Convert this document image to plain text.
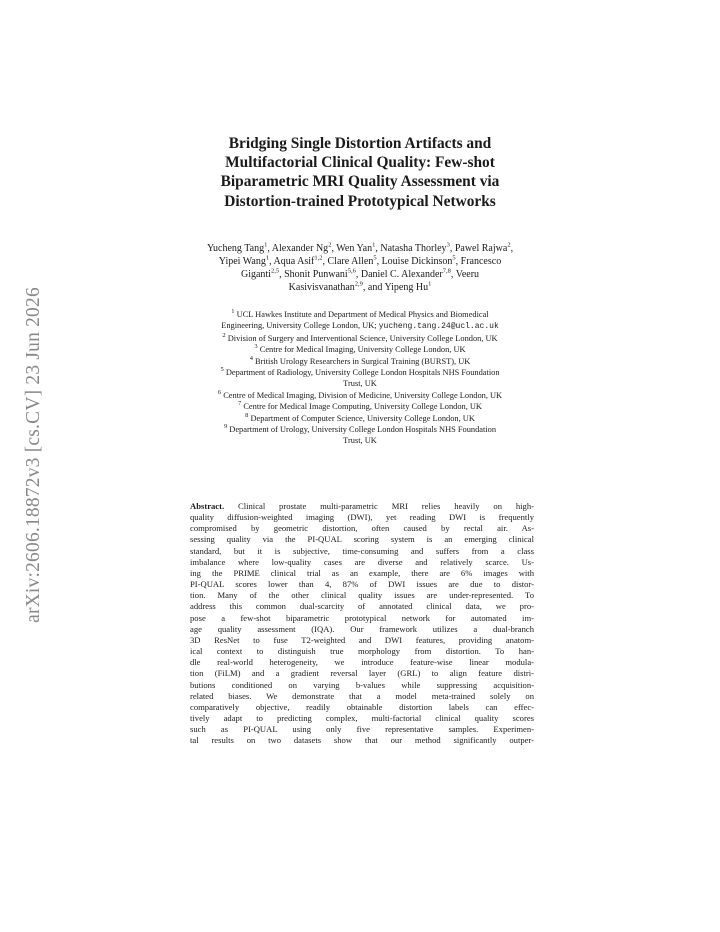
arXiv:2606.18872v3 [cs.CV] 23 Jun 2026
Bridging Single Distortion Artifacts and
Multifactorial Clinical Quality: Few-shot
Biparametric MRI Quality Assessment via
Distortion-trained Prototypical Networks
Yucheng Tang$^1$, Alexander Ng$^2$, Wen Yan$^1$, Natasha Thorley$^3$, Pawel Rajwa$^2$,
Yipei Wang$^1$, Aqua Asif$^{1,2}$, Clare Allen$^5$, Louise Dickinson$^5$, Francesco
Giganti$^{2,5}$, Shonit Punwani$^{5,6}$, Daniel C. Alexander$^{7,8}$, Veeru
Kasivisvanathan$^{2,9}$, and Yipeng Hu$^1$
$^1$ UCL Hawkes Institute and Department of Medical Physics and Biomedical
Engineering, University College London, UK; yucheng.tang.24@ucl.ac.uk
$^2$ Division of Surgery and Interventional Science, University College London, UK
$^3$ Centre for Medical Imaging, University College London, UK
$^4$ British Urology Researchers in Surgical Training (BURST), UK
$^5$ Department of Radiology, University College London Hospitals NHS Foundation
Trust, UK
$^6$ Centre of Medical Imaging, Division of Medicine, University College London, UK
$^7$ Centre for Medical Image Computing, University College London, UK
$^8$ Department of Computer Science, University College London, UK
$^9$ Department of Urology, University College London Hospitals NHS Foundation
Trust, UK
Abstract. Clinical prostate multi-parametric MRI relies heavily on high-
quality diffusion-weighted imaging (DWI), yet reading DWI is frequently
compromised by geometric distortion, often caused by rectal air. As-
sessing quality via the PI-QUAL scoring system is an emerging clinical
standard, but it is subjective, time-consuming and suffers from a class
imbalance where low-quality cases are diverse and relatively scarce. Us-
ing the PRIME clinical trial as an example, there are 6% images with
PI-QUAL scores lower than 4, 87% of DWI issues are due to distor-
tion. Many of the other clinical quality issues are under-represented. To
address this common dual-scarcity of annotated clinical data, we pro-
pose a few-shot biparametric prototypical network for automated im-
age quality assessment (IQA). Our framework utilizes a dual-branch
3D ResNet to fuse T2-weighted and DWI features, providing anatom-
ical context to distinguish true morphology from distortion. To han-
dle real-world heterogeneity, we introduce feature-wise linear modula-
tion (FiLM) and a gradient reversal layer (GRL) to align feature distri-
butions conditioned on varying b-values while suppressing acquisition-
related biases. We demonstrate that a model meta-trained solely on
comparatively objective, readily obtainable distortion labels can effec-
tively adapt to predicting complex, multi-factorial clinical quality scores
such as PI-QUAL using only five representative samples. Experimen-
tal results on two datasets show that our method significantly outper-
